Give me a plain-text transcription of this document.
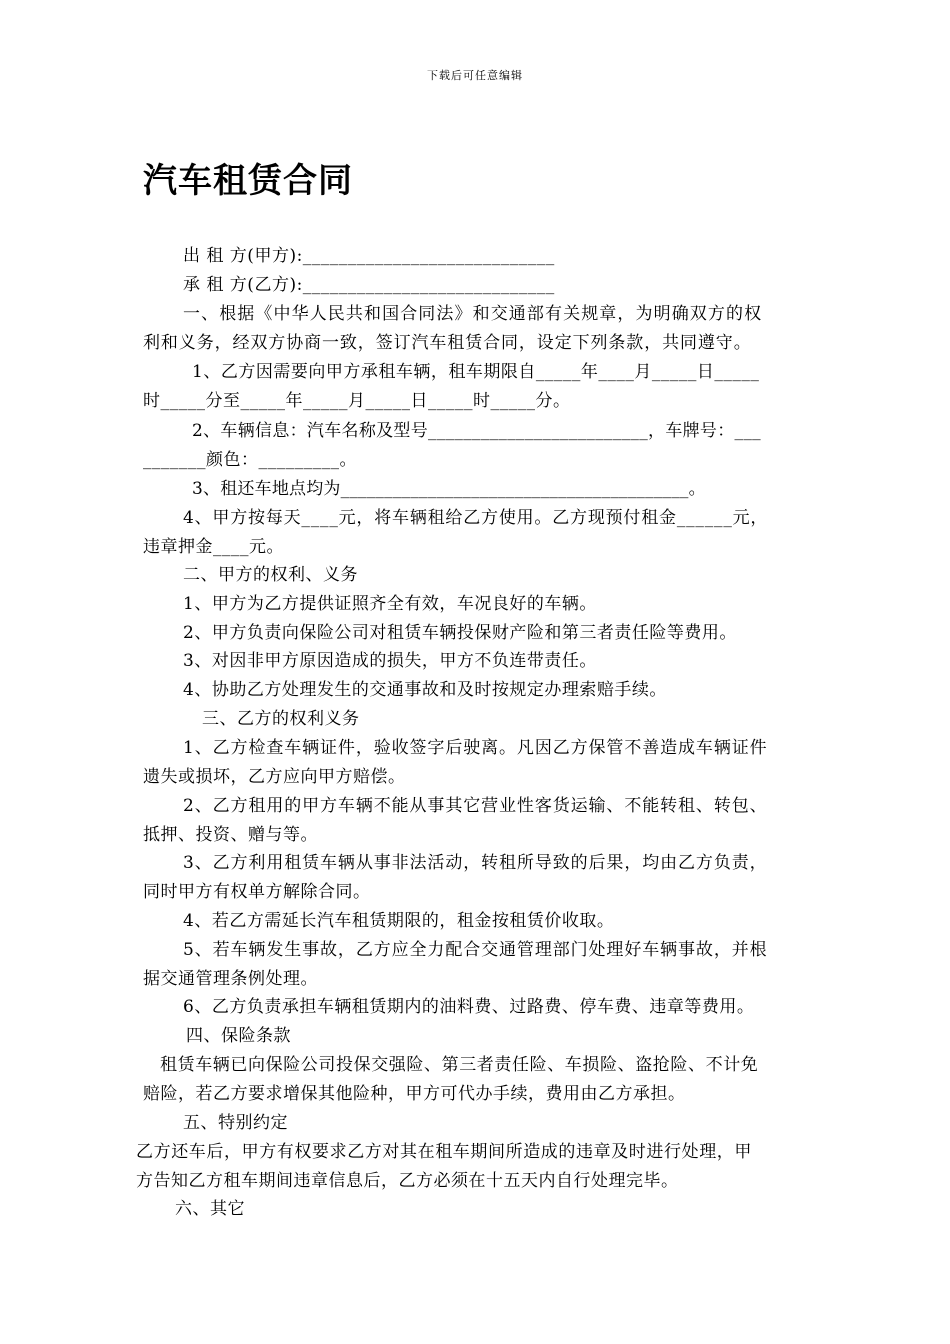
下载后可任意编辑
汽车租赁合同
出 租 方(甲方):____________________________
承 租 方(乙方):____________________________
一、根据《中华人民共和国合同法》和交通部有关规章，为明确双方的权
利和义务，经双方协商一致，签订汽车租赁合同，设定下列条款，共同遵守。
1、乙方因需要向甲方承租车辆，租车期限自_____年____月_____日_____
时_____分至_____年_____月_____日_____时_____分。
2、车辆信息：汽车名称及型号_________________________，车牌号：___
_______颜色：_________。
3、租还车地点均为________________________________________。
4、甲方按每天____元，将车辆租给乙方使用。乙方现预付租金______元，
违章押金____元。
二、甲方的权利、义务
1、甲方为乙方提供证照齐全有效，车况良好的车辆。
2、甲方负责向保险公司对租赁车辆投保财产险和第三者责任险等费用。
3、对因非甲方原因造成的损失，甲方不负连带责任。
4、协助乙方处理发生的交通事故和及时按规定办理索赔手续。
三、乙方的权利义务
1、乙方检查车辆证件，验收签字后驶离。凡因乙方保管不善造成车辆证件
遗失或损坏，乙方应向甲方赔偿。
2、乙方租用的甲方车辆不能从事其它营业性客货运输、不能转租、转包、
抵押、投资、赠与等。
3、乙方利用租赁车辆从事非法活动，转租所导致的后果，均由乙方负责，
同时甲方有权单方解除合同。
4、若乙方需延长汽车租赁期限的，租金按租赁价收取。
5、若车辆发生事故，乙方应全力配合交通管理部门处理好车辆事故，并根
据交通管理条例处理。
6、乙方负责承担车辆租赁期内的油料费、过路费、停车费、违章等费用。
四、保险条款
租赁车辆已向保险公司投保交强险、第三者责任险、车损险、盗抢险、不计免
赔险，若乙方要求增保其他险种，甲方可代办手续，费用由乙方承担。
五、特别约定
乙方还车后，甲方有权要求乙方对其在租车期间所造成的违章及时进行处理，甲
方告知乙方租车期间违章信息后，乙方必须在十五天内自行处理完毕。
六、其它
